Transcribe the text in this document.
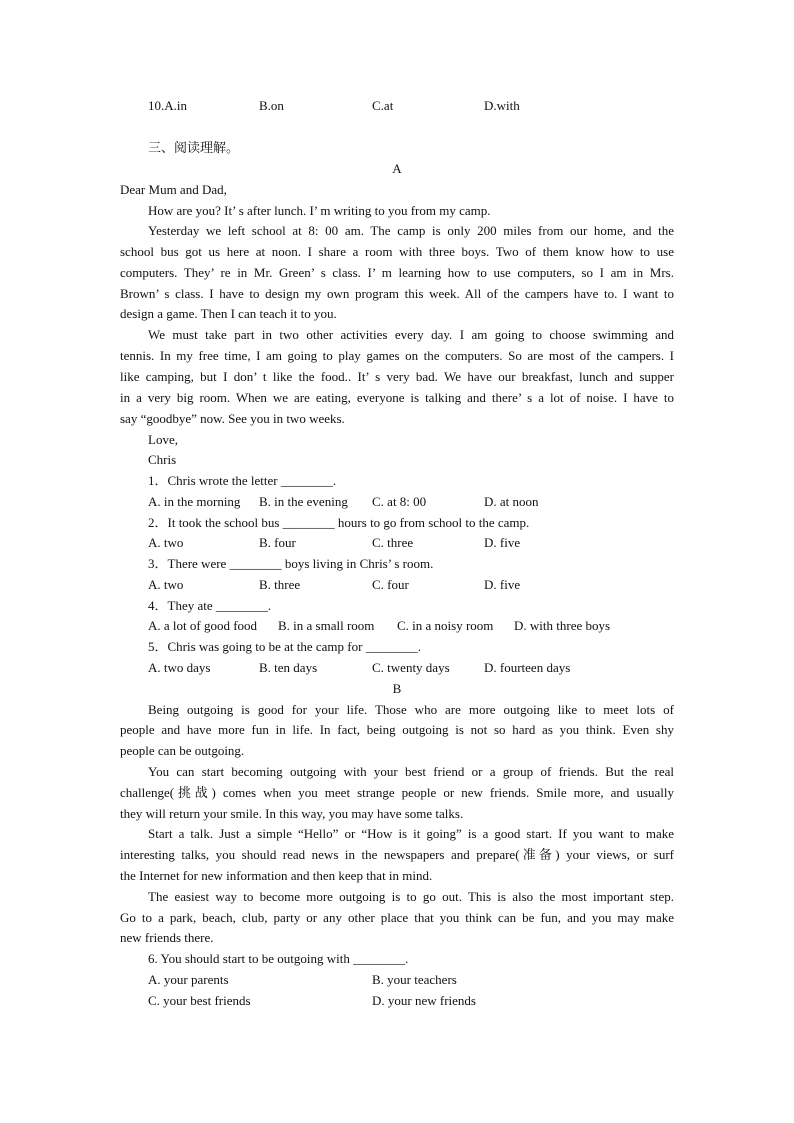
10.A.in	B.on	C.at	D.with
三、阅读理解。
A
Dear Mum and Dad,
How are you? It’ s after lunch. I’ m writing to you from my camp.
Yesterday we left school at 8: 00 am. The camp is only 200 miles from our home, and the
school bus got us here at noon. I share a room with three boys. Two of them know how to use
computers. They’ re in Mr. Green’ s class. I’ m learning how to use computers, so I am in Mrs.
Brown’ s class. I have to design my own program this week. All of the campers have to. I want to
design a game. Then I can teach it to you.
We must take part in two other activities every day. I am going to choose swimming and
tennis. In my free time, I am going to play games on the computers. So are most of the campers. I
like camping, but I don’ t like the food.. It’ s very bad. We have our breakfast, lunch and supper
in a very big room. When we are eating, everyone is talking and there’ s a lot of noise. I have to
say “goodbye” now. See you in two weeks.
Love,
Chris
1．Chris wrote the letter ________.
A. in the morning B. in the evening C. at 8: 00	D. at noon
2．It took the school bus ________ hours to go from school to the camp.
A. two	B. four	C. three	D. five
3．There were ________ boys living in Chris’ s room.
A. two	B. three	C. four	D. five
4．They ate ________.
A. a lot of good food B. in a small room C. in a noisy room D. with three boys
5．Chris was going to be at the camp for ________.
A. two days	B. ten days	C. twenty days	D. fourteen days
B
Being outgoing is good for your life. Those who are more outgoing like to meet lots of
people and have more fun in life. In fact, being outgoing is not so hard as you think. Even shy
people can be outgoing.
You can start becoming outgoing with your best friend or a group of friends. But the real
challenge(挑战) comes when you meet strange people or new friends. Smile more, and usually
they will return your smile. In this way, you may have some talks.
Start a talk. Just a simple “Hello” or “How is it going” is a good start. If you want to make
interesting talks, you should read news in the newspapers and prepare(准备) your views, or surf
the Internet for new information and then keep that in mind.
The easiest way to become more outgoing is to go out. This is also the most important step.
Go to a park, beach, club, party or any other place that you think can be fun, and you may make
new friends there.
6. You should start to be outgoing with ________.
A. your parents	B. your teachers
C. your best friends	D. your new friends
